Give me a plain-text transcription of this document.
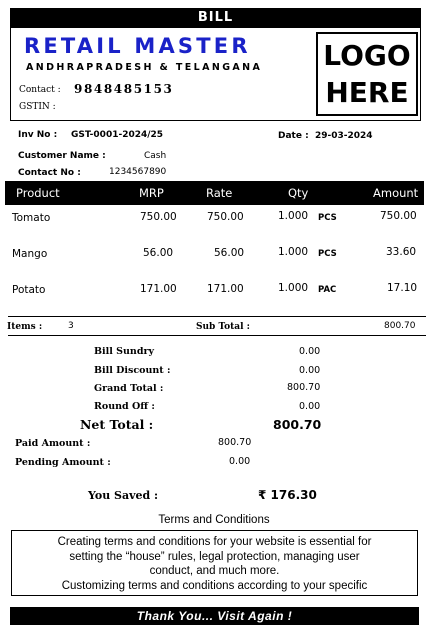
BILL
RETAIL MASTER
ANDHRAPRADESH & TELANGANA
Contact : 9848485153
GSTIN :
LOGO
HERE
Inv No : GST-0001-2024/25	Date : 29-03-2024
Customer Name :	Cash
Contact No :	1234567890
Product	MRP	Rate	Qty	Amount
Tomato	750.00	750.00	1.000 PCS	750.00
Mango	56.00	56.00	1.000 PCS	33.60
Potato	171.00	171.00	1.000 PAC	17.10
Items :	3	Sub Total :	800.70
Bill Sundry	0.00
Bill Discount :	0.00
Grand Total :	800.70
Round Off :	0.00
Net Total :	800.70
Paid Amount :	800.70
Pending Amount :	0.00
You Saved :	₹ 176.30
Terms and Conditions
Creating terms and conditions for your website is essential for
setting the “house” rules, legal protection, managing user
conduct, and much more.
Customizing terms and conditions according to your specific
Thank You... Visit Again !
